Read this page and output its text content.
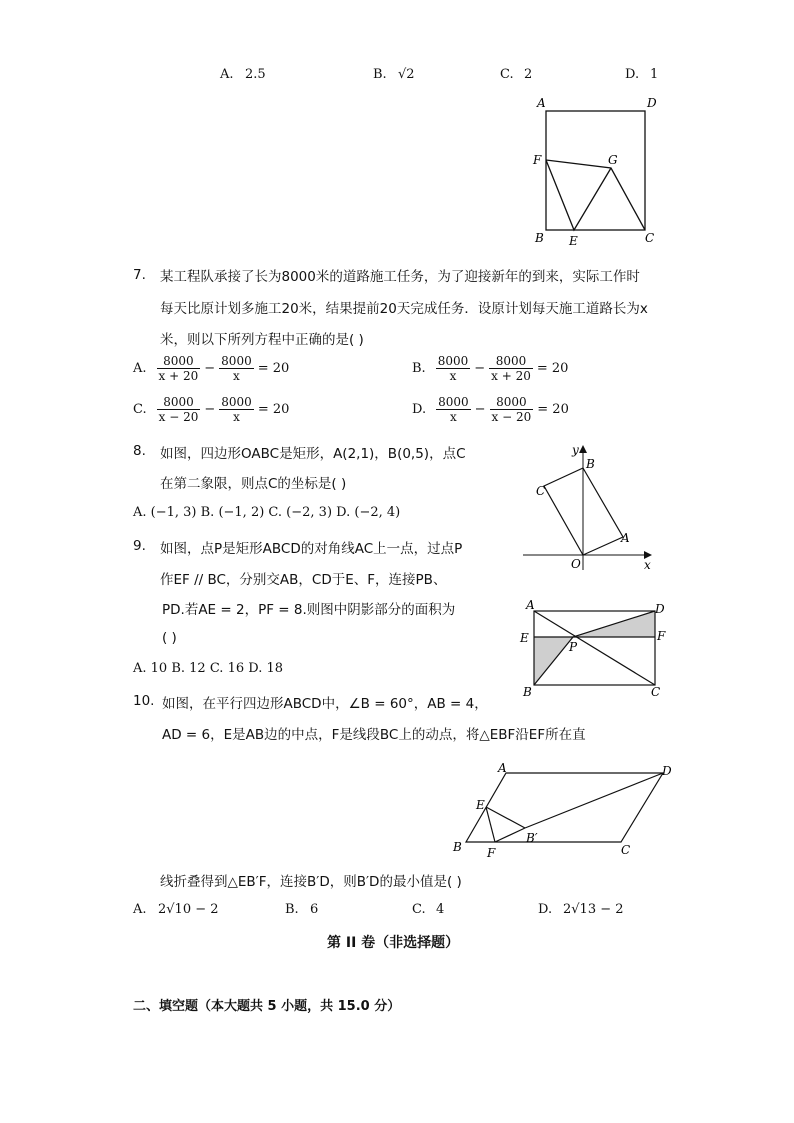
A. 2.5	B. √2	C. 2	D. 1
A	D
F	G
B E	C
7. 某工程队承接了长为8000米的道路施工任务，为了迎接新年的到来，实际工作时
每天比原计划多施工20米，结果提前20天完成任务．设原计划每天施工道路长为x
米，则以下所列方程中正确的是( )
A. $\frac{8000}{x + 20} - \frac{8000}{x} = 20$	B. $\frac{8000}{x} - \frac{8000}{x + 20} = 20$
C. $\frac{8000}{x - 20} - \frac{8000}{x} = 20$	D. $\frac{8000}{x} - \frac{8000}{x - 20} = 20$
8. 如图，四边形OABC是矩形，A(2,1)，B(0,5)，点C
在第二象限，则点C的坐标是( )
A. (−1, 3) B. (−1, 2) C. (−2, 3) D. (−2, 4)
y
B
C
A
O	x
9. 如图，点P是矩形ABCD的对角线AC上一点，过点P
作EF // BC，分别交AB，CD于E、F，连接PB、
PD.若AE = 2，PF = 8.则图中阴影部分的面积为
( )
A. 10 B. 12 C. 16 D. 18
A	D
E	F
P
B	C
10. 如图，在平行四边形ABCD中，∠B = 60°，AB = 4，
AD = 6，E是AB边的中点，F是线段BC上的动点，将△EBF沿EF所在直
线折叠得到△EB′F，连接B′D，则B′D的最小值是( )
A	D
E
B′
B F	C
A. 2√10 − 2	B. 6	C. 4	D. 2√13 − 2
第 II 卷（非选择题）
二、填空题（本大题共 5 小题，共 15.0 分）
